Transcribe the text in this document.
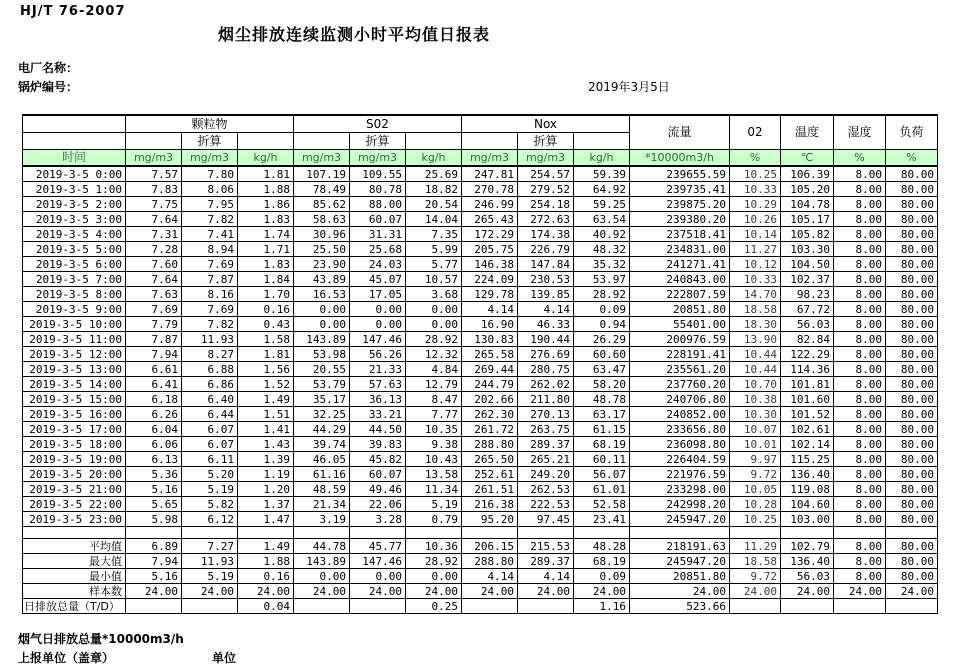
HJ/T 76-2007
烟尘排放连续监测小时平均值日报表
电厂名称：
锅炉编号：	2019年3月5日
	颗粒物			S02			Nox			流量	02	温度	湿度	负荷
		折算			折算			折算						
时间	mg/m3	mg/m3	kg/h	mg/m3	mg/m3	kg/h	mg/m3	mg/m3	kg/h	*10000m3/h	%	℃	%	%
2019-3-5 0:00	7.57	7.80	1.81	107.19	109.55	25.69	247.81	254.57	59.39	239655.59	10.25	106.39	8.00	80.00
2019-3-5 1:00	7.83	8.06	1.88	78.49	80.78	18.82	270.78	279.52	64.92	239735.41	10.33	105.20	8.00	80.00
2019-3-5 2:00	7.75	7.95	1.86	85.62	88.00	20.54	246.99	254.18	59.25	239875.20	10.29	104.78	8.00	80.00
2019-3-5 3:00	7.64	7.82	1.83	58.63	60.07	14.04	265.43	272.63	63.54	239380.20	10.26	105.17	8.00	80.00
2019-3-5 4:00	7.31	7.41	1.74	30.96	31.31	7.35	172.29	174.38	40.92	237518.41	10.14	105.82	8.00	80.00
2019-3-5 5:00	7.28	8.94	1.71	25.50	25.68	5.99	205.75	226.79	48.32	234831.00	11.27	103.30	8.00	80.00
2019-3-5 6:00	7.60	7.69	1.83	23.90	24.03	5.77	146.38	147.84	35.32	241271.41	10.12	104.50	8.00	80.00
2019-3-5 7:00	7.64	7.87	1.84	43.89	45.07	10.57	224.09	230.53	53.97	240843.00	10.33	102.37	8.00	80.00
2019-3-5 8:00	7.63	8.16	1.70	16.53	17.05	3.68	129.78	139.85	28.92	222807.59	14.70	98.23	8.00	80.00
2019-3-5 9:00	7.69	7.69	0.16	0.00	0.00	0.00	4.14	4.14	0.09	20851.80	18.58	67.72	8.00	80.00
2019-3-5 10:00	7.79	7.82	0.43	0.00	0.00	0.00	16.90	46.33	0.94	55401.00	18.30	56.03	8.00	80.00
2019-3-5 11:00	7.87	11.93	1.58	143.89	147.46	28.92	130.83	190.44	26.29	200976.59	13.90	82.84	8.00	80.00
2019-3-5 12:00	7.94	8.27	1.81	53.98	56.26	12.32	265.58	276.69	60.60	228191.41	10.44	122.29	8.00	80.00
2019-3-5 13:00	6.61	6.88	1.56	20.55	21.33	4.84	269.44	280.75	63.47	235561.20	10.44	114.36	8.00	80.00
2019-3-5 14:00	6.41	6.86	1.52	53.79	57.63	12.79	244.79	262.02	58.20	237760.20	10.70	101.81	8.00	80.00
2019-3-5 15:00	6.18	6.40	1.49	35.17	36.13	8.47	202.66	211.80	48.78	240706.80	10.38	101.60	8.00	80.00
2019-3-5 16:00	6.26	6.44	1.51	32.25	33.21	7.77	262.30	270.13	63.17	240852.00	10.30	101.52	8.00	80.00
2019-3-5 17:00	6.04	6.07	1.41	44.29	44.50	10.35	261.72	263.75	61.15	233656.80	10.07	102.61	8.00	80.00
2019-3-5 18:00	6.06	6.07	1.43	39.74	39.83	9.38	288.80	289.37	68.19	236098.80	10.01	102.14	8.00	80.00
2019-3-5 19:00	6.13	6.11	1.39	46.05	45.82	10.43	265.50	265.21	60.11	226404.59	9.97	115.25	8.00	80.00
2019-3-5 20:00	5.36	5.20	1.19	61.16	60.07	13.58	252.61	249.20	56.07	221976.59	9.72	136.40	8.00	80.00
2019-3-5 21:00	5.16	5.19	1.20	48.59	49.46	11.34	261.51	262.53	61.01	233298.00	10.05	119.08	8.00	80.00
2019-3-5 22:00	5.65	5.82	1.37	21.34	22.06	5.19	216.38	222.53	52.58	242998.20	10.28	104.60	8.00	80.00
2019-3-5 23:00	5.98	6.12	1.47	3.19	3.28	0.79	95.20	97.45	23.41	245947.20	10.25	103.00	8.00	80.00

平均值	6.89	7.27	1.49	44.78	45.77	10.36	206.15	215.53	48.28	218191.63	11.29	102.79	8.00	80.00
最大值	7.94	11.93	1.88	143.89	147.46	28.92	288.80	289.37	68.19	245947.20	18.58	136.40	8.00	80.00
最小值	5.16	5.19	0.16	0.00	0.00	0.00	4.14	4.14	0.09	20851.80	9.72	56.03	8.00	80.00
样本数	24.00	24.00	24.00	24.00	24.00	24.00	24.00	24.00	24.00	24.00	24.00	24.00	24.00	24.00
日排放总量（T/D）			0.04			0.25			1.16	523.66				
烟气日排放总量*10000m3/h
上报单位（盖章）	单位
